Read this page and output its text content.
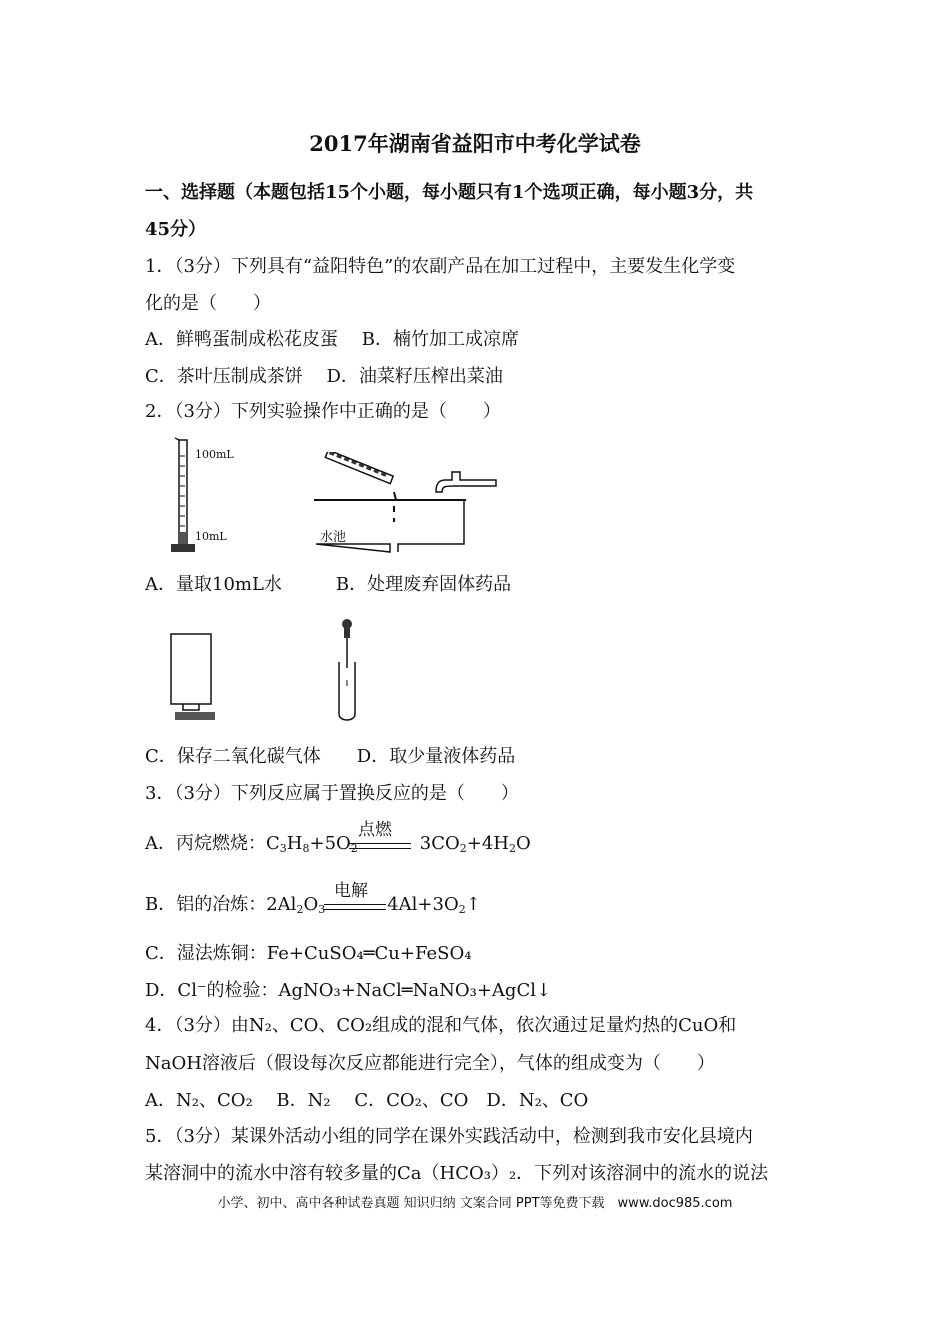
2017年湖南省益阳市中考化学试卷
一、选择题（本题包括15个小题，每小题只有1个选项正确，每小题3分，共
45分）
1．（3分）下列具有“益阳特色”的农副产品在加工过程中，主要发生化学变
化的是（　　）
A．鲜鸭蛋制成松花皮蛋　 B．楠竹加工成凉席
C．茶叶压制成茶饼　 D．油菜籽压榨出菜油
2．（3分）下列实验操作中正确的是（　　）
100mL
10mL	水池
A．量取10mL水　　　B．处理废弃固体药品
C．保存二氧化碳气体　　D．取少量液体药品
3．（3分）下列反应属于置换反应的是（　　）
A．丙烷燃烧：$C_3H_8+5O_2$	$3CO_2+4H_2O$
点燃
B．铝的冶炼：$2Al_2O_3$	$4Al+3O_2↑$
电解
C．湿法炼铜：Fe+CuSO₄═Cu+FeSO₄
D．Cl⁻的检验：AgNO₃+NaCl═NaNO₃+AgCl↓
4．（3分）由N₂、CO、CO₂组成的混和气体，依次通过足量灼热的CuO和
NaOH溶液后（假设每次反应都能进行完全），气体的组成变为（　　）
A．N₂、CO₂　 B．N₂　 C．CO₂、CO　D．N₂、CO
5．（3分）某课外活动小组的同学在课外实践活动中，检测到我市安化县境内
某溶洞中的流水中溶有较多量的Ca（HCO₃）₂．下列对该溶洞中的流水的说法
小学、初中、高中各种试卷真题 知识归纳 文案合同 PPT等免费下载　www.doc985.com
